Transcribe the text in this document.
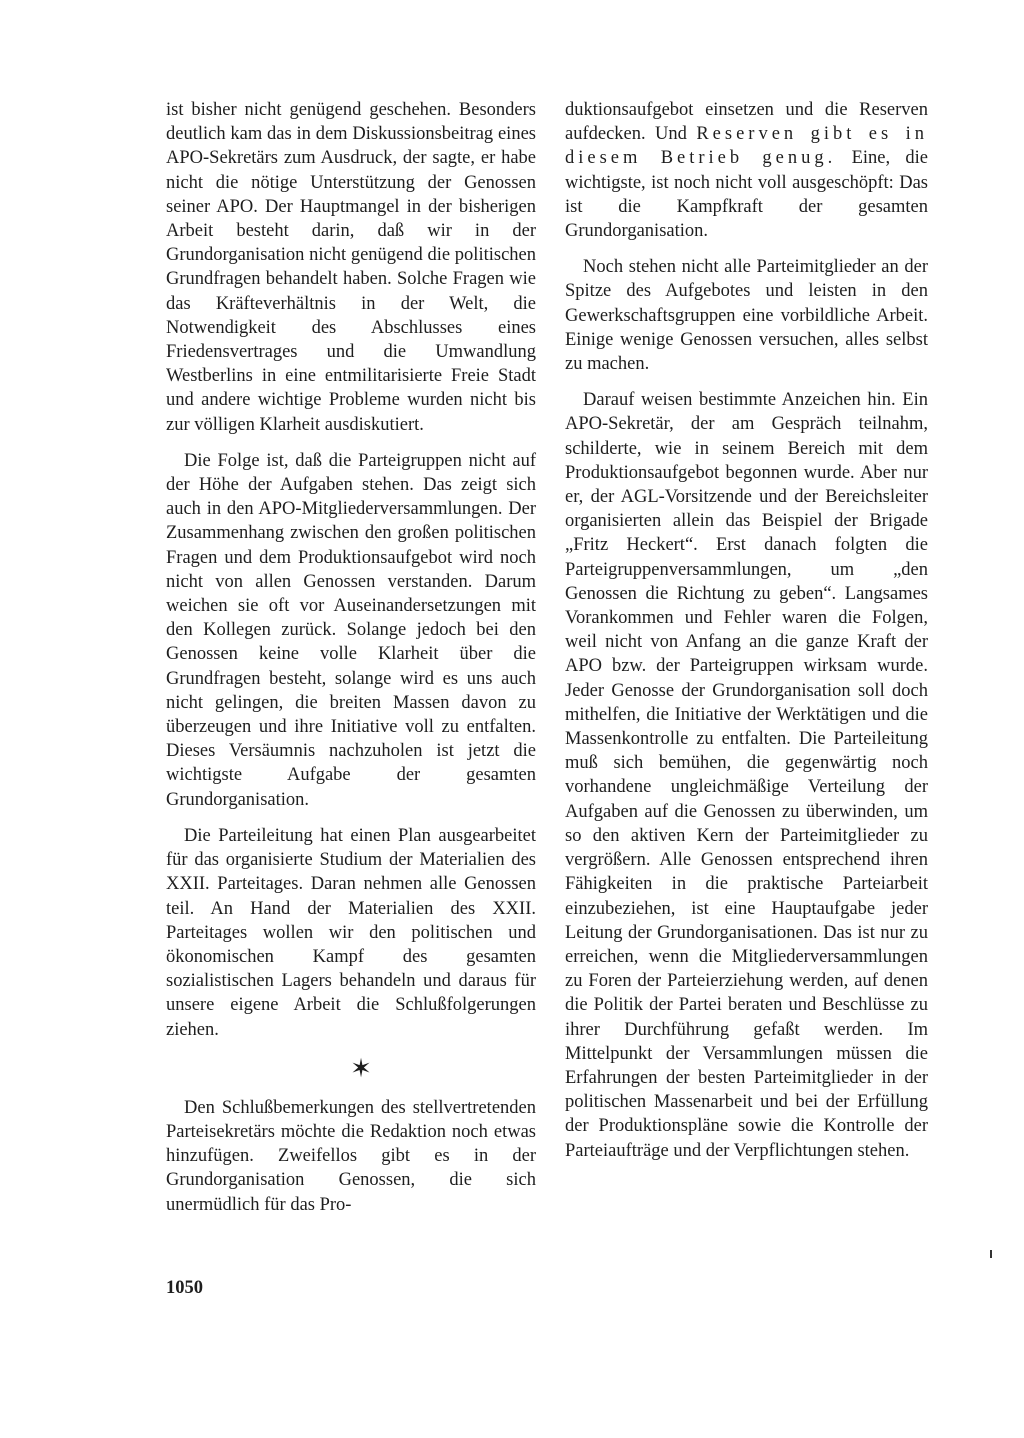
ist bisher nicht genügend geschehen. Besonders deutlich kam das in dem Diskussionsbeitrag eines APO-Sekretärs zum Ausdruck, der sagte, er habe nicht die nötige Unterstützung der Genossen seiner APO. Der Hauptmangel in der bisherigen Arbeit besteht darin, daß wir in der Grundorganisation nicht genügend die politischen Grundfragen behandelt haben. Solche Fragen wie das Kräfteverhältnis in der Welt, die Notwendigkeit des Abschlusses eines Friedensvertrages und die Umwandlung Westberlins in eine entmilitarisierte Freie Stadt und andere wichtige Probleme wurden nicht bis zur völligen Klarheit ausdiskutiert.

Die Folge ist, daß die Parteigruppen nicht auf der Höhe der Aufgaben stehen. Das zeigt sich auch in den APO-Mitgliederversammlungen. Der Zusammenhang zwischen den großen politischen Fragen und dem Produktionsaufgebot wird noch nicht von allen Genossen verstanden. Darum weichen sie oft vor Auseinandersetzungen mit den Kollegen zurück. Solange jedoch bei den Genossen keine volle Klarheit über die Grundfragen besteht, solange wird es uns auch nicht gelingen, die breiten Massen davon zu überzeugen und ihre Initiative voll zu entfalten. Dieses Versäumnis nachzuholen ist jetzt die wichtigste Aufgabe der gesamten Grundorganisation.

Die Parteileitung hat einen Plan ausgearbeitet für das organisierte Studium der Materialien des XXII. Parteitages. Daran nehmen alle Genossen teil. An Hand der Materialien des XXII. Parteitages wollen wir den politischen und ökonomischen Kampf des gesamten sozialistischen Lagers behandeln und daraus für unsere eigene Arbeit die Schlußfolgerungen ziehen.

✶

Den Schlußbemerkungen des stellvertretenden Parteisekretärs möchte die Redaktion noch etwas hinzufügen. Zweifellos gibt es in der Grundorganisation Genossen, die sich unermüdlich für das Pro-

duktionsaufgebot einsetzen und die Reserven aufdecken. Und Reserven gibt es in diesem Betrieb genug. Eine, die wichtigste, ist noch nicht voll ausgeschöpft: Das ist die Kampfkraft der gesamten Grundorganisation.

Noch stehen nicht alle Parteimitglieder an der Spitze des Aufgebotes und leisten in den Gewerkschaftsgruppen eine vorbildliche Arbeit. Einige wenige Genossen versuchen, alles selbst zu machen.

Darauf weisen bestimmte Anzeichen hin. Ein APO-Sekretär, der am Gespräch teilnahm, schilderte, wie in seinem Bereich mit dem Produktionsaufgebot begonnen wurde. Aber nur er, der AGL-Vorsitzende und der Bereichsleiter organisierten allein das Beispiel der Brigade „Fritz Heckert“. Erst danach folgten die Parteigruppenversammlungen, um „den Genossen die Richtung zu geben“. Langsames Vorankommen und Fehler waren die Folgen, weil nicht von Anfang an die ganze Kraft der APO bzw. der Parteigruppen wirksam wurde. Jeder Genosse der Grundorganisation soll doch mithelfen, die Initiative der Werktätigen und die Massenkontrolle zu entfalten. Die Parteileitung muß sich bemühen, die gegenwärtig noch vorhandene ungleichmäßige Verteilung der Aufgaben auf die Genossen zu überwinden, um so den aktiven Kern der Parteimitglieder zu vergrößern. Alle Genossen entsprechend ihren Fähigkeiten in die praktische Parteiarbeit einzubeziehen, ist eine Hauptaufgabe jeder Leitung der Grundorganisationen. Das ist nur zu erreichen, wenn die Mitgliederversammlungen zu Foren der Parteierziehung werden, auf denen die Politik der Partei beraten und Beschlüsse zu ihrer Durchführung gefaßt werden. Im Mittelpunkt der Versammlungen müssen die Erfahrungen der besten Parteimitglieder in der politischen Massenarbeit und bei der Erfüllung der Produktionspläne sowie die Kontrolle der Parteiaufträge und der Verpflichtungen stehen.

1050
